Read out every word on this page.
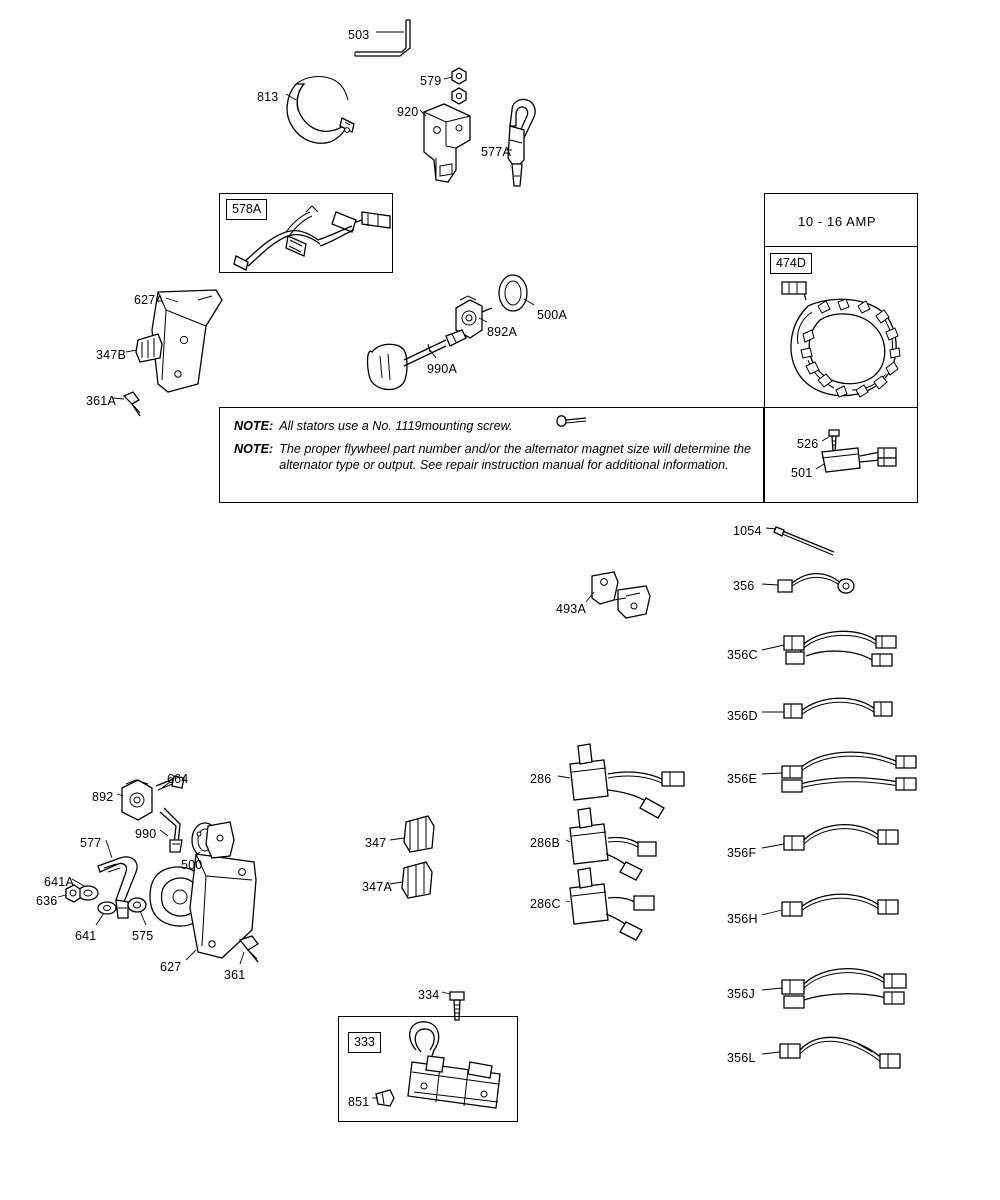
NOTE: All stators use a No. 1119mounting screw.
NOTE: The proper flywheel part number and/or the alternator magnet size will determine the alternator type or output. See repair instruction manual for additional information.
10 - 16 AMP
578A
474D
333
503
813
579
920
577A
627A
347B
361A
500A
892A
990A
526
501
1054
356
356C
356D
356E
356F
356H
356J
356L
493A
286
286B
286C
347
347A
664
892
990
577
500
641A
636
641	575
627
361
334
851
